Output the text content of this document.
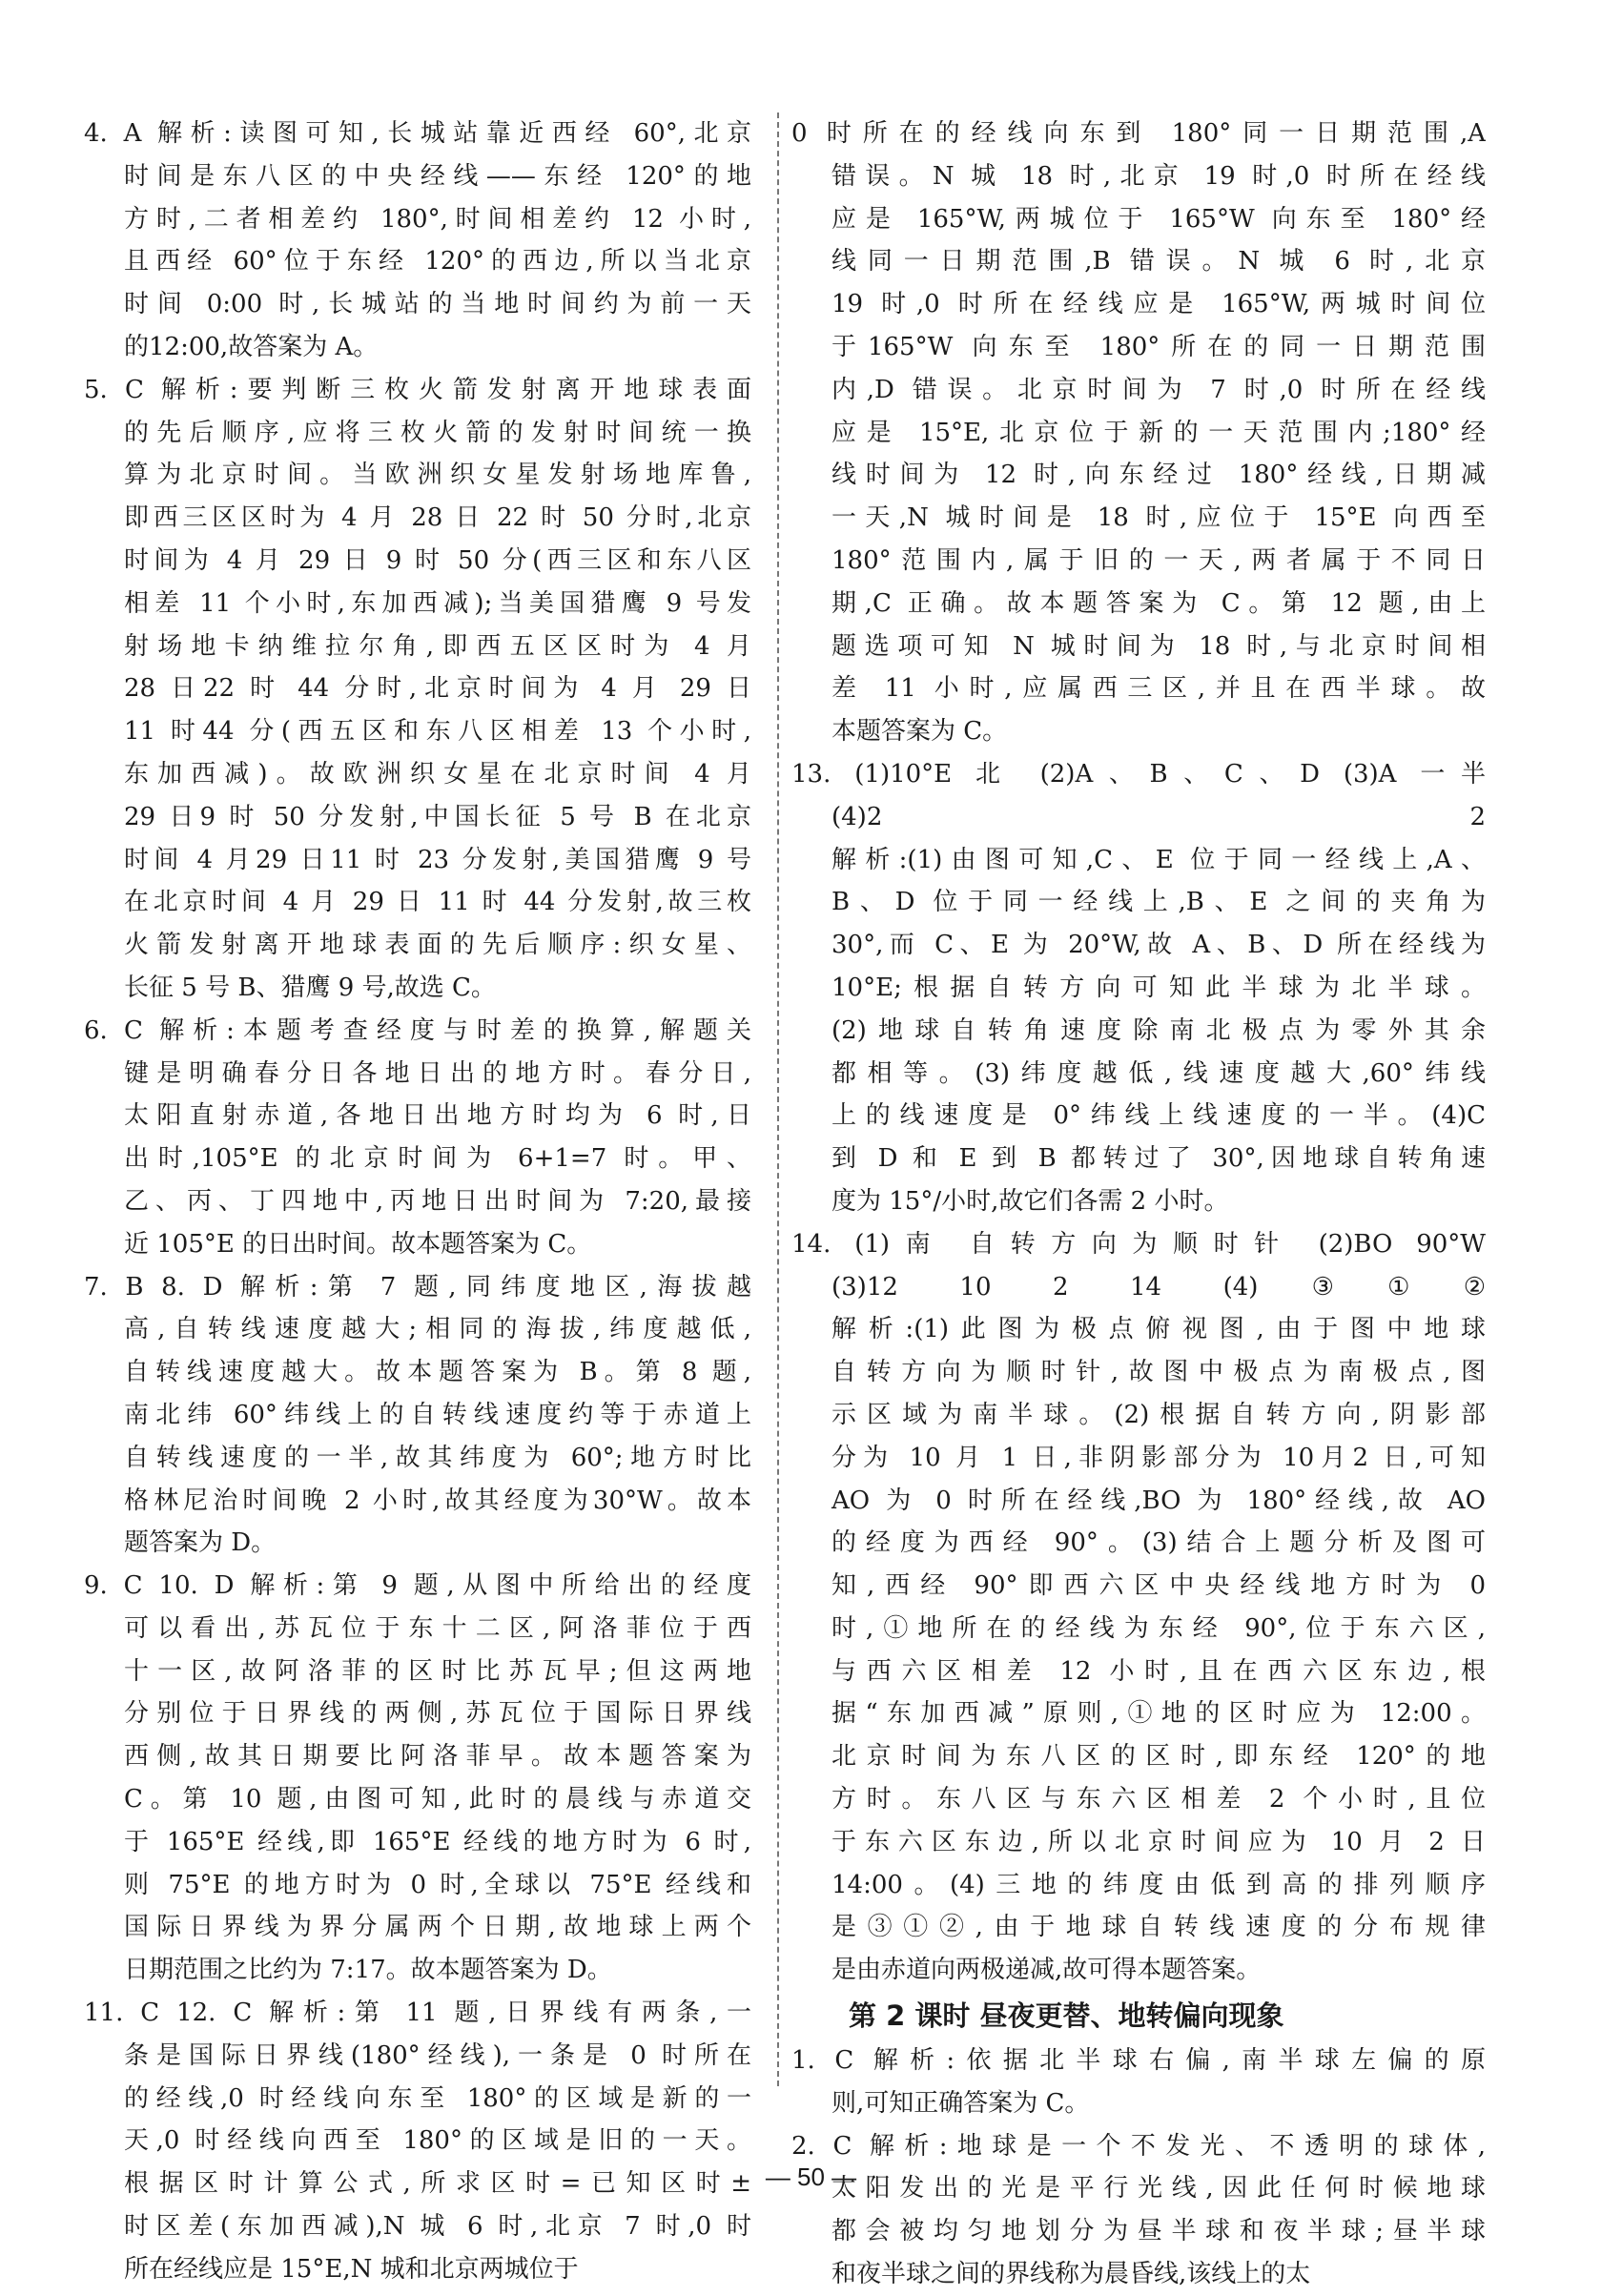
4. A 解析:读图可知,长城站靠近西经 60°,北京
时间是东八区的中央经线——东经 120°的地
方时,二者相差约 180°,时间相差约 12 小时,
且西经 60°位于东经 120°的西边,所以当北京
时间 0:00 时,长城站的当地时间约为前一天
的12:00,故答案为 A。
5. C 解析:要判断三枚火箭发射离开地球表面
的先后顺序,应将三枚火箭的发射时间统一换
算为北京时间。当欧洲织女星发射场地库鲁,
即西三区区时为 4 月 28 日 22 时 50 分时,北京
时间为 4 月 29 日 9 时 50 分(西三区和东八区
相差 11 个小时,东加西减);当美国猎鹰 9 号发
射场地卡纳维拉尔角,即西五区区时为 4 月
28 日22 时 44 分时,北京时间为 4 月 29 日
11 时44 分(西五区和东八区相差 13 个小时,
东加西减)。故欧洲织女星在北京时间 4 月
29 日9 时 50 分发射,中国长征 5 号 B 在北京
时间 4 月29 日11 时 23 分发射,美国猎鹰 9 号
在北京时间 4 月 29 日 11 时 44 分发射,故三枚
火箭发射离开地球表面的先后顺序:织女星、
长征 5 号 B、猎鹰 9 号,故选 C。
6. C 解析:本题考查经度与时差的换算,解题关
键是明确春分日各地日出的地方时。春分日,
太阳直射赤道,各地日出地方时均为 6 时,日
出时,105°E 的北京时间为 6+1=7 时。甲、
乙、丙、丁四地中,丙地日出时间为 7:20,最接
近 105°E 的日出时间。故本题答案为 C。
7. B 8. D 解析:第 7 题,同纬度地区,海拔越
高,自转线速度越大;相同的海拔,纬度越低,
自转线速度越大。故本题答案为 B。第 8 题,
南北纬 60°纬线上的自转线速度约等于赤道上
自转线速度的一半,故其纬度为 60°;地方时比
格林尼治时间晚 2 小时,故其经度为30°W。故本
题答案为 D。
9. C 10. D 解析:第 9 题,从图中所给出的经度
可以看出,苏瓦位于东十二区,阿洛菲位于西
十一区,故阿洛菲的区时比苏瓦早;但这两地
分别位于日界线的两侧,苏瓦位于国际日界线
西侧,故其日期要比阿洛菲早。故本题答案为
C。第 10 题,由图可知,此时的晨线与赤道交
于 165°E 经线,即 165°E 经线的地方时为 6 时,
则 75°E 的地方时为 0 时,全球以 75°E 经线和
国际日界线为界分属两个日期,故地球上两个
日期范围之比约为 7:17。故本题答案为 D。
11. C 12. C 解析:第 11 题,日界线有两条,一
条是国际日界线(180°经线),一条是 0 时所在
的经线,0 时经线向东至 180°的区域是新的一
天,0 时经线向西至 180°的区域是旧的一天。
根据区时计算公式,所求区时=已知区时±
时区差(东加西减),N 城 6 时,北京 7 时,0 时
所在经线应是 15°E,N 城和北京两城位于
0 时所在的经线向东到 180°同一日期范围,A
错误。N 城 18 时,北京 19 时,0 时所在经线
应是 165°W,两城位于 165°W 向东至 180°经
线同一日期范围,B 错误。N 城 6 时,北京
19 时,0 时所在经线应是 165°W,两城时间位
于165°W 向东至 180°所在的同一日期范围
内,D 错误。北京时间为 7 时,0 时所在经线
应是 15°E,北京位于新的一天范围内;180°经
线时间为 12 时,向东经过 180°经线,日期减
一天,N 城时间是 18 时,应位于 15°E 向西至
180°范围内,属于旧的一天,两者属于不同日
期,C 正确。故本题答案为 C。第 12 题,由上
题选项可知 N 城时间为 18 时,与北京时间相
差 11 小时,应属西三区,并且在西半球。故
本题答案为 C。
13. (1)10°E 北 (2)A、B、C、D (3)A 一半
(4)2 2
解析:(1)由图可知,C、E 位于同一经线上,A、
B、D 位于同一经线上,B、E 之间的夹角为
30°,而 C、E 为 20°W,故 A、B、D 所在经线为
10°E;根据自转方向可知此半球为北半球。
(2)地球自转角速度除南北极点为零外其余
都相等。(3)纬度越低,线速度越大,60°纬线
上的线速度是 0°纬线上线速度的一半。(4)C
到 D 和 E 到 B 都转过了 30°,因地球自转角速
度为 15°/小时,故它们各需 2 小时。
14. (1)南 自转方向为顺时针 (2)BO 90°W
(3)12 10 2 14 (4)③①②
解析:(1)此图为极点俯视图,由于图中地球
自转方向为顺时针,故图中极点为南极点,图
示区域为南半球。(2)根据自转方向,阴影部
分为 10 月 1 日,非阴影部分为 10月2 日,可知
AO 为 0 时所在经线,BO 为 180°经线,故 AO
的经度为西经 90°。(3)结合上题分析及图可
知,西经 90°即西六区中央经线地方时为 0
时,①地所在的经线为东经 90°,位于东六区,
与西六区相差 12 小时,且在西六区东边,根
据“东加西减”原则,①地的区时应为 12:00。
北京时间为东八区的区时,即东经 120°的地
方时。东八区与东六区相差 2 个小时,且位
于东六区东边,所以北京时间应为 10 月 2 日
14:00。(4)三地的纬度由低到高的排列顺序
是③①②,由于地球自转线速度的分布规律
是由赤道向两极递减,故可得本题答案。
第 2 课时 昼夜更替、地转偏向现象
1. C 解析:依据北半球右偏,南半球左偏的原
则,可知正确答案为 C。
2. C 解析:地球是一个不发光、不透明的球体,
太阳发出的光是平行光线,因此任何时候地球
都会被均匀地划分为昼半球和夜半球;昼半球
和夜半球之间的界线称为晨昏线,该线上的太
— 50 —
